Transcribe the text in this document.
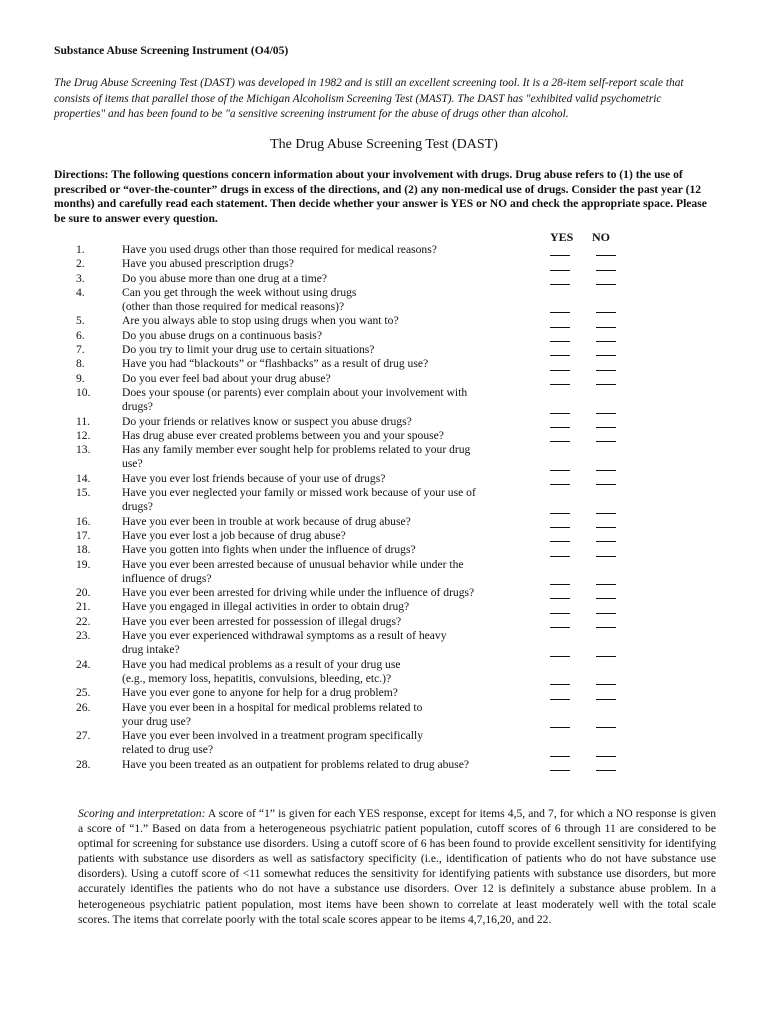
Substance Abuse Screening Instrument (O4/05)
The Drug Abuse Screening Test (DAST) was developed in 1982 and is still an excellent screening tool. It is a 28-item self-report scale that consists of items that parallel those of the Michigan Alcoholism Screening Test (MAST). The DAST has "exhibited valid psychometric properties" and has been found to be "a sensitive screening instrument for the abuse of drugs other than alcohol.
The Drug Abuse Screening Test (DAST)
Directions: The following questions concern information about your involvement with drugs. Drug abuse refers to (1) the use of prescribed or “over-the-counter” drugs in excess of the directions, and (2) any non-medical use of drugs. Consider the past year (12 months) and carefully read each statement. Then decide whether your answer is YES or NO and check the appropriate space. Please be sure to answer every question.
YES NO
1.	Have you used drugs other than those required for medical reasons?
2.	Have you abused prescription drugs?
3.	Do you abuse more than one drug at a time?
4.	Can you get through the week without using drugs
(other than those required for medical reasons)?
5.	Are you always able to stop using drugs when you want to?
6.	Do you abuse drugs on a continuous basis?
7.	Do you try to limit your drug use to certain situations?
8.	Have you had “blackouts” or “flashbacks” as a result of drug use?
9.	Do you ever feel bad about your drug abuse?
10.	Does your spouse (or parents) ever complain about your involvement with
drugs?
11.	Do your friends or relatives know or suspect you abuse drugs?
12.	Has drug abuse ever created problems between you and your spouse?
13.	Has any family member ever sought help for problems related to your drug
use?
14.	Have you ever lost friends because of your use of drugs?
15.	Have you ever neglected your family or missed work because of your use of
drugs?
16.	Have you ever been in trouble at work because of drug abuse?
17.	Have you ever lost a job because of drug abuse?
18.	Have you gotten into fights when under the influence of drugs?
19.	Have you ever been arrested because of unusual behavior while under the
influence of drugs?
20.	Have you ever been arrested for driving while under the influence of drugs?
21.	Have you engaged in illegal activities in order to obtain drug?
22.	Have you ever been arrested for possession of illegal drugs?
23.	Have you ever experienced withdrawal symptoms as a result of heavy
drug intake?
24.	Have you had medical problems as a result of your drug use
(e.g., memory loss, hepatitis, convulsions, bleeding, etc.)?
25.	Have you ever gone to anyone for help for a drug problem?
26.	Have you ever been in a hospital for medical problems related to
your drug use?
27.	Have you ever been involved in a treatment program specifically
related to drug use?
28.	Have you been treated as an outpatient for problems related to drug abuse?
Scoring and interpretation: A score of “1” is given for each YES response, except for items 4,5, and 7, for which a NO response is given a score of “1.” Based on data from a heterogeneous psychiatric patient population, cutoff scores of 6 through 11 are considered to be optimal for screening for substance use disorders. Using a cutoff score of 6 has been found to provide excellent sensitivity for identifying patients with substance use disorders as well as satisfactory specificity (i.e., identification of patients who do not have substance use disorders). Using a cutoff score of <11 somewhat reduces the sensitivity for identifying patients with substance use disorders, but more accurately identifies the patients who do not have a substance use disorders. Over 12 is definitely a substance abuse problem. In a heterogeneous psychiatric patient population, most items have been shown to correlate at least moderately well with the total scale scores. The items that correlate poorly with the total scale scores appear to be items 4,7,16,20, and 22.
